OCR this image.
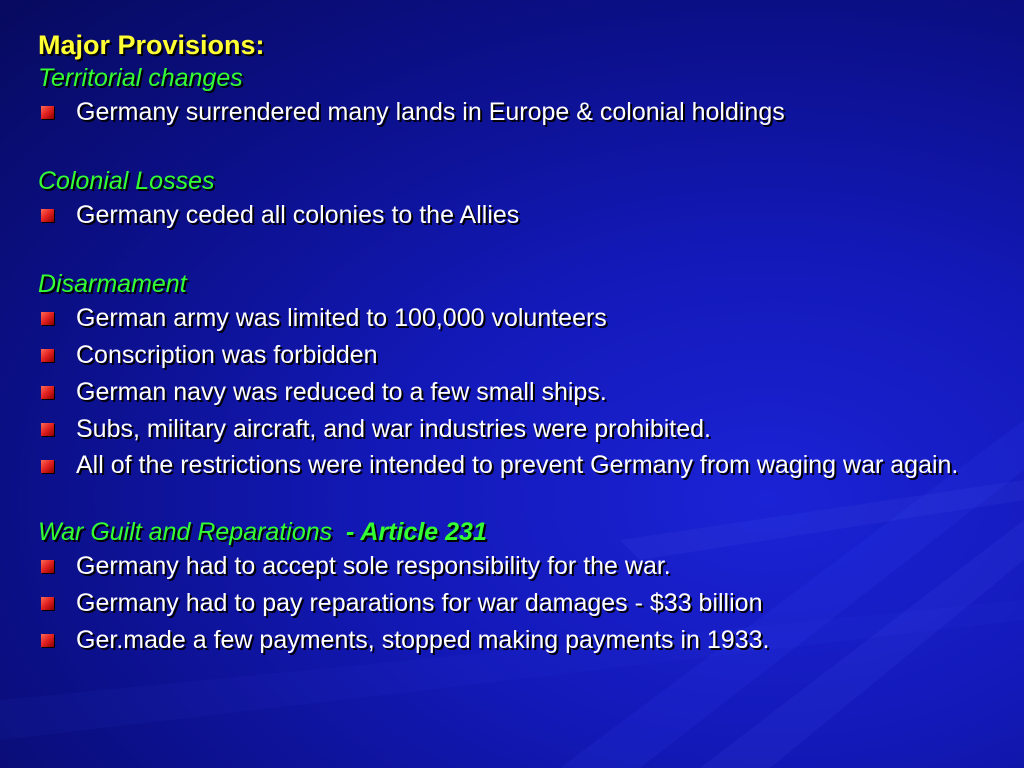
Major Provisions:
Territorial changes
Germany surrendered many lands in Europe & colonial holdings
Colonial Losses
Germany ceded all colonies to the Allies
Disarmament
German army was limited to 100,000 volunteers
Conscription was forbidden
German navy was reduced to a few small ships.
Subs, military aircraft, and war industries were prohibited.
All of the restrictions were intended to prevent Germany from waging war again.
War Guilt and Reparations - Article 231
Germany had to accept sole responsibility for the war.
Germany had to pay reparations for war damages - $33 billion
Ger.made a few payments, stopped making payments in 1933.
